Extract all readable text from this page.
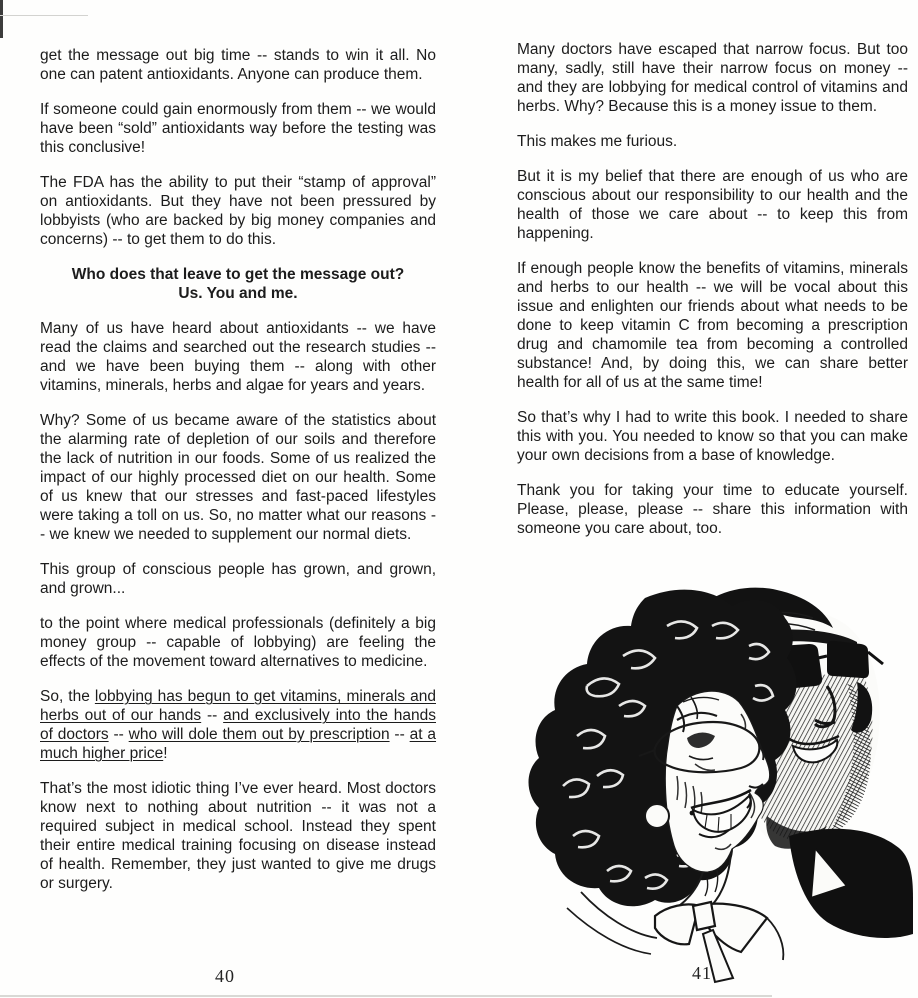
get the message out big time -- stands to win it all. No one can patent antioxidants. Anyone can produce them.

If someone could gain enormously from them -- we would have been “sold” antioxidants way before the testing was this conclusive!

The FDA has the ability to put their “stamp of approval” on antioxidants. But they have not been pressured by lobbyists (who are backed by big money companies and concerns) -- to get them to do this.

Who does that leave to get the message out?
Us. You and me.

Many of us have heard about antioxidants -- we have read the claims and searched out the research studies -- and we have been buying them -- along with other vitamins, minerals, herbs and algae for years and years.

Why? Some of us became aware of the statistics about the alarming rate of depletion of our soils and therefore the lack of nutrition in our foods. Some of us realized the impact of our highly processed diet on our health. Some of us knew that our stresses and fast-paced lifestyles were taking a toll on us. So, no matter what our reasons -- we knew we needed to supplement our normal diets.

This group of conscious people has grown, and grown, and grown...

to the point where medical professionals (definitely a big money group -- capable of lobbying) are feeling the effects of the movement toward alternatives to medicine.

So, the lobbying has begun to get vitamins, minerals and herbs out of our hands -- and exclusively into the hands of doctors -- who will dole them out by prescription -- at a much higher price!

That’s the most idiotic thing I’ve ever heard. Most doctors know next to nothing about nutrition -- it was not a required subject in medical school. Instead they spent their entire medical training focusing on disease instead of health. Remember, they just wanted to give me drugs or surgery.

Many doctors have escaped that narrow focus. But too many, sadly, still have their narrow focus on money -- and they are lobbying for medical control of vitamins and herbs. Why? Because this is a money issue to them.

This makes me furious.

But it is my belief that there are enough of us who are conscious about our responsibility to our health and the health of those we care about -- to keep this from happening.

If enough people know the benefits of vitamins, minerals and herbs to our health -- we will be vocal about this issue and enlighten our friends about what needs to be done to keep vitamin C from becoming a prescription drug and chamomile tea from becoming a controlled substance! And, by doing this, we can share better health for all of us at the same time!

So that’s why I had to write this book. I needed to share this with you. You needed to know so that you can make your own decisions from a base of knowledge.

Thank you for taking your time to educate yourself. Please, please, please -- share this information with someone you care about, too.

40	41
